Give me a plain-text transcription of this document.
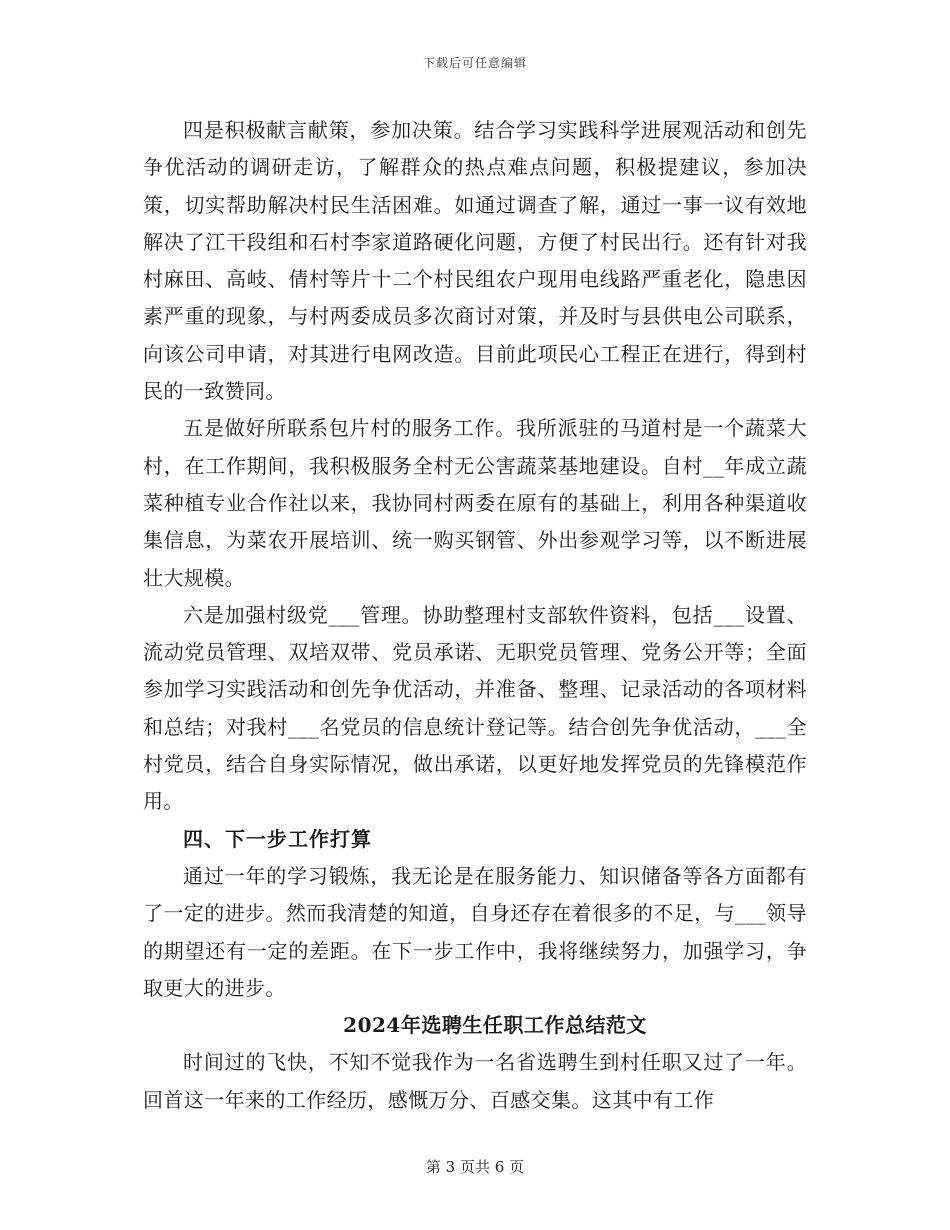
下载后可任意编辑

四是积极献言献策，参加决策。结合学习实践科学进展观活动和创先争优活动的调研走访，了解群众的热点难点问题，积极提建议，参加决策，切实帮助解决村民生活困难。如通过调查了解，通过一事一议有效地解决了江干段组和石村李家道路硬化问题，方便了村民出行。还有针对我村麻田、高岐、倩村等片十二个村民组农户现用电线路严重老化，隐患因素严重的现象，与村两委成员多次商讨对策，并及时与县供电公司联系，向该公司申请，对其进行电网改造。目前此项民心工程正在进行，得到村民的一致赞同。

五是做好所联系包片村的服务工作。我所派驻的马道村是一个蔬菜大村，在工作期间，我积极服务全村无公害蔬菜基地建设。自村__年成立蔬菜种植专业合作社以来，我协同村两委在原有的基础上，利用各种渠道收集信息，为菜农开展培训、统一购买钢管、外出参观学习等，以不断进展壮大规模。

六是加强村级党___管理。协助整理村支部软件资料，包括___设置、流动党员管理、双培双带、党员承诺、无职党员管理、党务公开等；全面参加学习实践活动和创先争优活动，并准备、整理、记录活动的各项材料和总结；对我村___名党员的信息统计登记等。结合创先争优活动，___全村党员，结合自身实际情况，做出承诺，以更好地发挥党员的先锋模范作用。

四、下一步工作打算

通过一年的学习锻炼，我无论是在服务能力、知识储备等各方面都有了一定的进步。然而我清楚的知道，自身还存在着很多的不足，与___领导的期望还有一定的差距。在下一步工作中，我将继续努力，加强学习，争取更大的进步。

2024年选聘生任职工作总结范文

时间过的飞快，不知不觉我作为一名省选聘生到村任职又过了一年。回首这一年来的工作经历，感慨万分、百感交集。这其中有工作

第 3 页共 6 页
